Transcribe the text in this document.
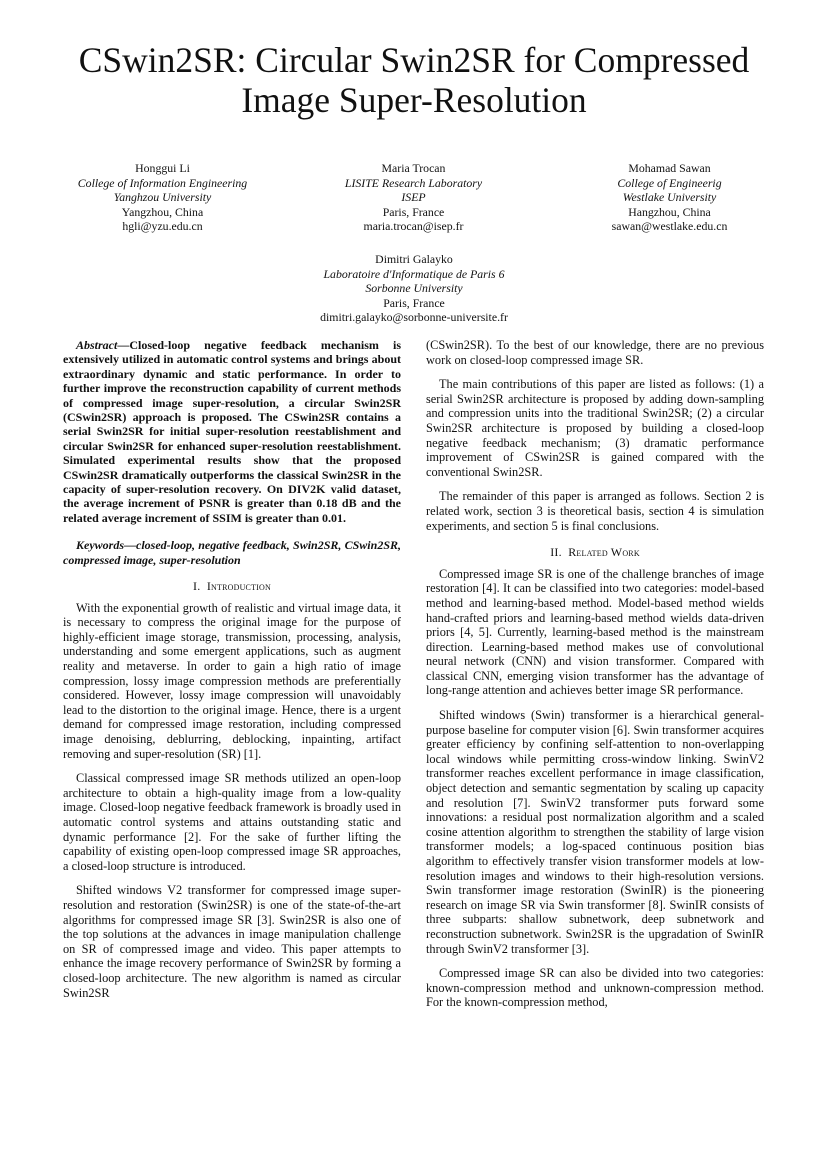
CSwin2SR: Circular Swin2SR for Compressed Image Super-Resolution
Honggui Li
College of Information Engineering
Yanghzou University
Yangzhou, China
hgli@yzu.edu.cn
Maria Trocan
LISITE Research Laboratory
ISEP
Paris, France
maria.trocan@isep.fr
Mohamad Sawan
College of Engineerig
Westlake University
Hangzhou, China
sawan@westlake.edu.cn
Dimitri Galayko
Laboratoire d'Informatique de Paris 6
Sorbonne University
Paris, France
dimitri.galayko@sorbonne-universite.fr

Abstract—Closed-loop negative feedback mechanism is extensively utilized in automatic control systems and brings about extraordinary dynamic and static performance. In order to further improve the reconstruction capability of current methods of compressed image super-resolution, a circular Swin2SR (CSwin2SR) approach is proposed. The CSwin2SR contains a serial Swin2SR for initial super-resolution reestablishment and circular Swin2SR for enhanced super-resolution reestablishment. Simulated experimental results show that the proposed CSwin2SR dramatically outperforms the classical Swin2SR in the capacity of super-resolution recovery. On DIV2K valid dataset, the average increment of PSNR is greater than 0.18 dB and the related average increment of SSIM is greater than 0.01.

Keywords—closed-loop, negative feedback, Swin2SR, CSwin2SR, compressed image, super-resolution

I. Introduction

With the exponential growth of realistic and virtual image data, it is necessary to compress the original image for the purpose of highly-efficient image storage, transmission, processing, analysis, understanding and some emergent applications, such as augment reality and metaverse. In order to gain a high ratio of image compression, lossy image compression methods are preferentially considered. However, lossy image compression will unavoidably lead to the distortion to the original image. Hence, there is a urgent demand for compressed image restoration, including compressed image denoising, deblurring, deblocking, inpainting, artifact removing and super-resolution (SR) [1].

Classical compressed image SR methods utilized an open-loop architecture to obtain a high-quality image from a low-quality image. Closed-loop negative feedback framework is broadly used in automatic control systems and attains outstanding static and dynamic performance [2]. For the sake of further lifting the capability of existing open-loop compressed image SR approaches, a closed-loop structure is introduced.

Shifted windows V2 transformer for compressed image super-resolution and restoration (Swin2SR) is one of the state-of-the-art algorithms for compressed image SR [3]. Swin2SR is also one of the top solutions at the advances in image manipulation challenge on SR of compressed image and video. This paper attempts to enhance the image recovery performance of Swin2SR by forming a closed-loop architecture. The new algorithm is named as circular Swin2SR

(CSwin2SR). To the best of our knowledge, there are no previous work on closed-loop compressed image SR.

The main contributions of this paper are listed as follows: (1) a serial Swin2SR architecture is proposed by adding down-sampling and compression units into the traditional Swin2SR; (2) a circular Swin2SR architecture is proposed by building a closed-loop negative feedback mechanism; (3) dramatic performance improvement of CSwin2SR is gained compared with the conventional Swin2SR.

The remainder of this paper is arranged as follows. Section 2 is related work, section 3 is theoretical basis, section 4 is simulation experiments, and section 5 is final conclusions.

II. Related Work

Compressed image SR is one of the challenge branches of image restoration [4]. It can be classified into two categories: model-based method and learning-based method. Model-based method wields hand-crafted priors and learning-based method wields data-driven priors [4, 5]. Currently, learning-based method is the mainstream direction. Learning-based method makes use of convolutional neural network (CNN) and vision transformer. Compared with classical CNN, emerging vision transformer has the advantage of long-range attention and achieves better image SR performance.

Shifted windows (Swin) transformer is a hierarchical general-purpose baseline for computer vision [6]. Swin transformer acquires greater efficiency by confining self-attention to non-overlapping local windows while permitting cross-window linking. SwinV2 transformer reaches excellent performance in image classification, object detection and semantic segmentation by scaling up capacity and resolution [7]. SwinV2 transformer puts forward some innovations: a residual post normalization algorithm and a scaled cosine attention algorithm to strengthen the stability of large vision transformer models; a log-spaced continuous position bias algorithm to effectively transfer vision transformer models at low-resolution images and windows to their high-resolution versions. Swin transformer image restoration (SwinIR) is the pioneering research on image SR via Swin transformer [8]. SwinIR consists of three subparts: shallow subnetwork, deep subnetwork and reconstruction subnetwork. Swin2SR is the upgradation of SwinIR through SwinV2 transformer [3].

Compressed image SR can also be divided into two categories: known-compression method and unknown-compression method. For the known-compression method,
